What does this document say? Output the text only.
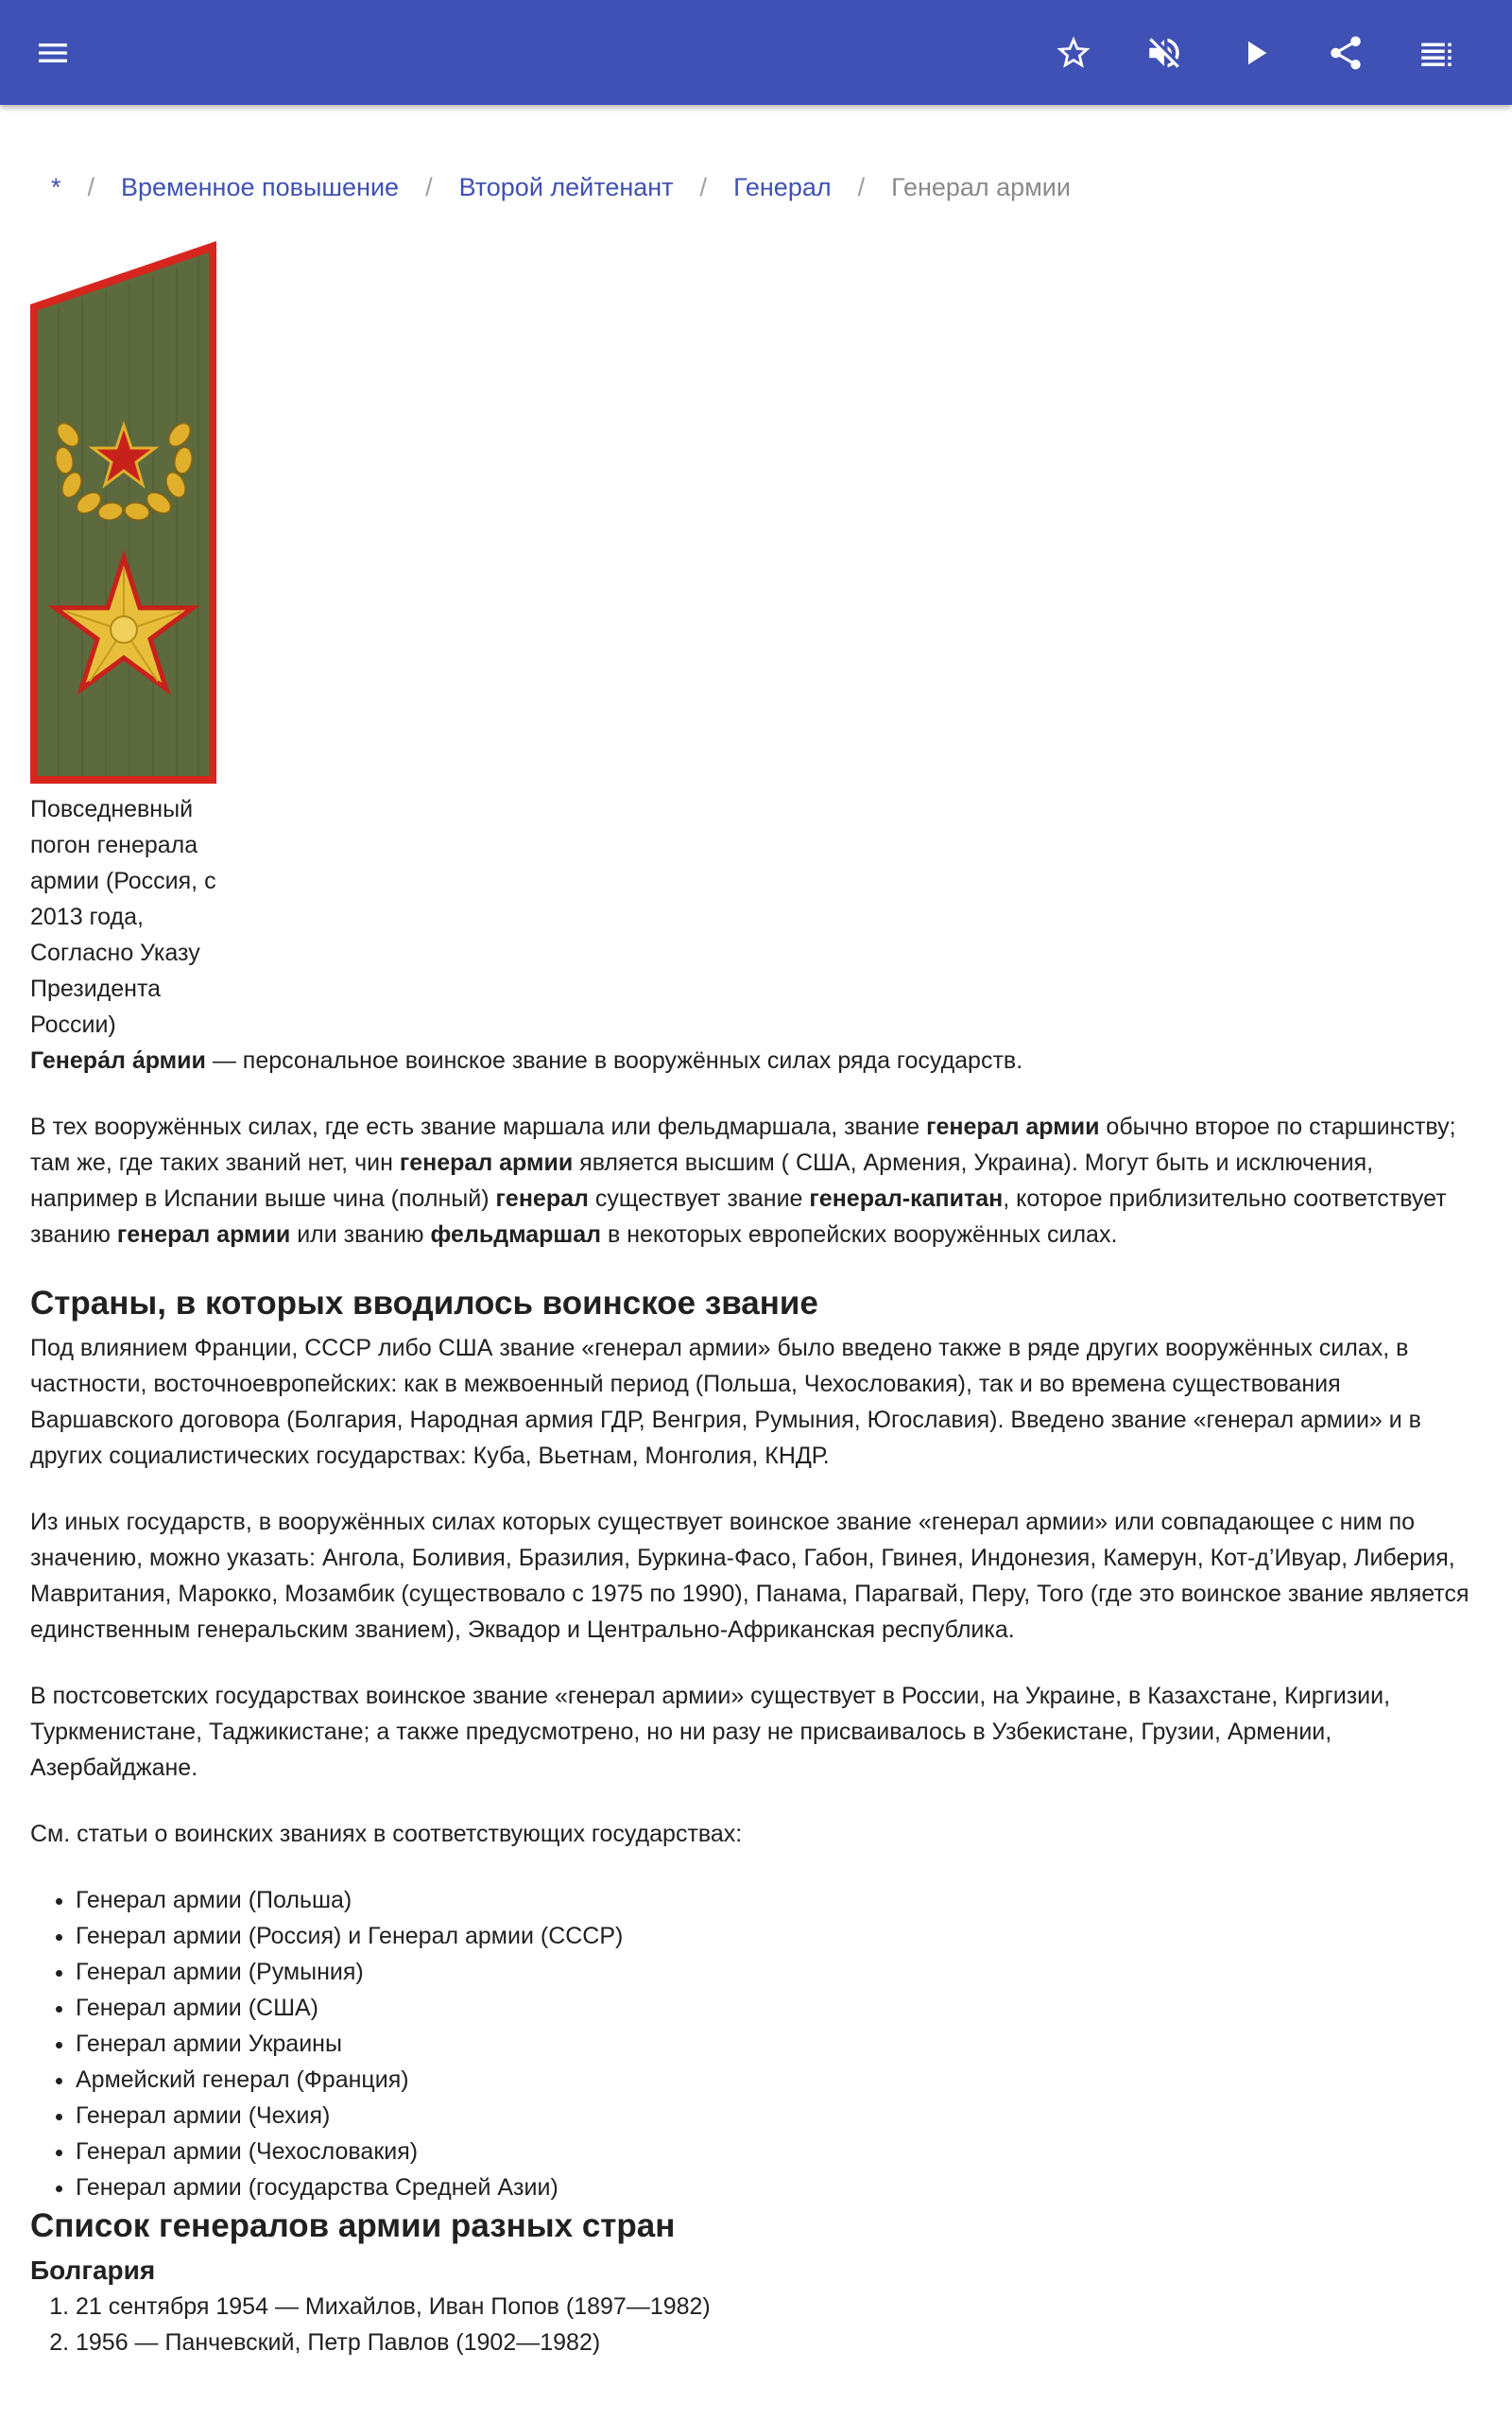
* / Временное повышение / Второй лейтенант / Генерал / Генерал армии
Повседневный погон генерала армии (Россия, с 2013 года, Согласно Указу Президента России)

Генера́л а́рмии — персональное воинское звание в вооружённых силах ряда государств.

В тех вооружённых силах, где есть звание маршала или фельдмаршала, звание генерал армии обычно второе по старшинству; там же, где таких званий нет, чин генерал армии является высшим ( США, Армения, Украина). Могут быть и исключения, например в Испании выше чина (полный) генерал существует звание генерал-капитан, которое приблизительно соответствует званию генерал армии или званию фельдмаршал в некоторых европейских вооружённых силах.

Страны, в которых вводилось воинское звание

Под влиянием Франции, СССР либо США звание «генерал армии» было введено также в ряде других вооружённых силах, в частности, восточноевропейских: как в межвоенный период (Польша, Чехословакия), так и во времена существования Варшавского договора (Болгария, Народная армия ГДР, Венгрия, Румыния, Югославия). Введено звание «генерал армии» и в других социалистических государствах: Куба, Вьетнам, Монголия, КНДР.

Из иных государств, в вооружённых силах которых существует воинское звание «генерал армии» или совпадающее с ним по значению, можно указать: Ангола, Боливия, Бразилия, Буркина-Фасо, Габон, Гвинея, Индонезия, Камерун, Кот-д’Ивуар, Либерия, Мавритания, Марокко, Мозамбик (существовало с 1975 по 1990), Панама, Парагвай, Перу, Того (где это воинское звание является единственным генеральским званием), Эквадор и Центрально-Африканская республика.

В постсоветских государствах воинское звание «генерал армии» существует в России, на Украине, в Казахстане, Киргизии, Туркменистане, Таджикистане; а также предусмотрено, но ни разу не присваивалось в Узбекистане, Грузии, Армении, Азербайджане.

См. статьи о воинских званиях в соответствующих государствах:

• Генерал армии (Польша)
• Генерал армии (Россия) и Генерал армии (СССР)
• Генерал армии (Румыния)
• Генерал армии (США)
• Генерал армии Украины
• Армейский генерал (Франция)
• Генерал армии (Чехия)
• Генерал армии (Чехословакия)
• Генерал армии (государства Средней Азии)
Список генералов армии разных стран
Болгария
1. 21 сентября 1954 — Михайлов, Иван Попов (1897—1982)
2. 1956 — Панчевский, Петр Павлов (1902—1982)
